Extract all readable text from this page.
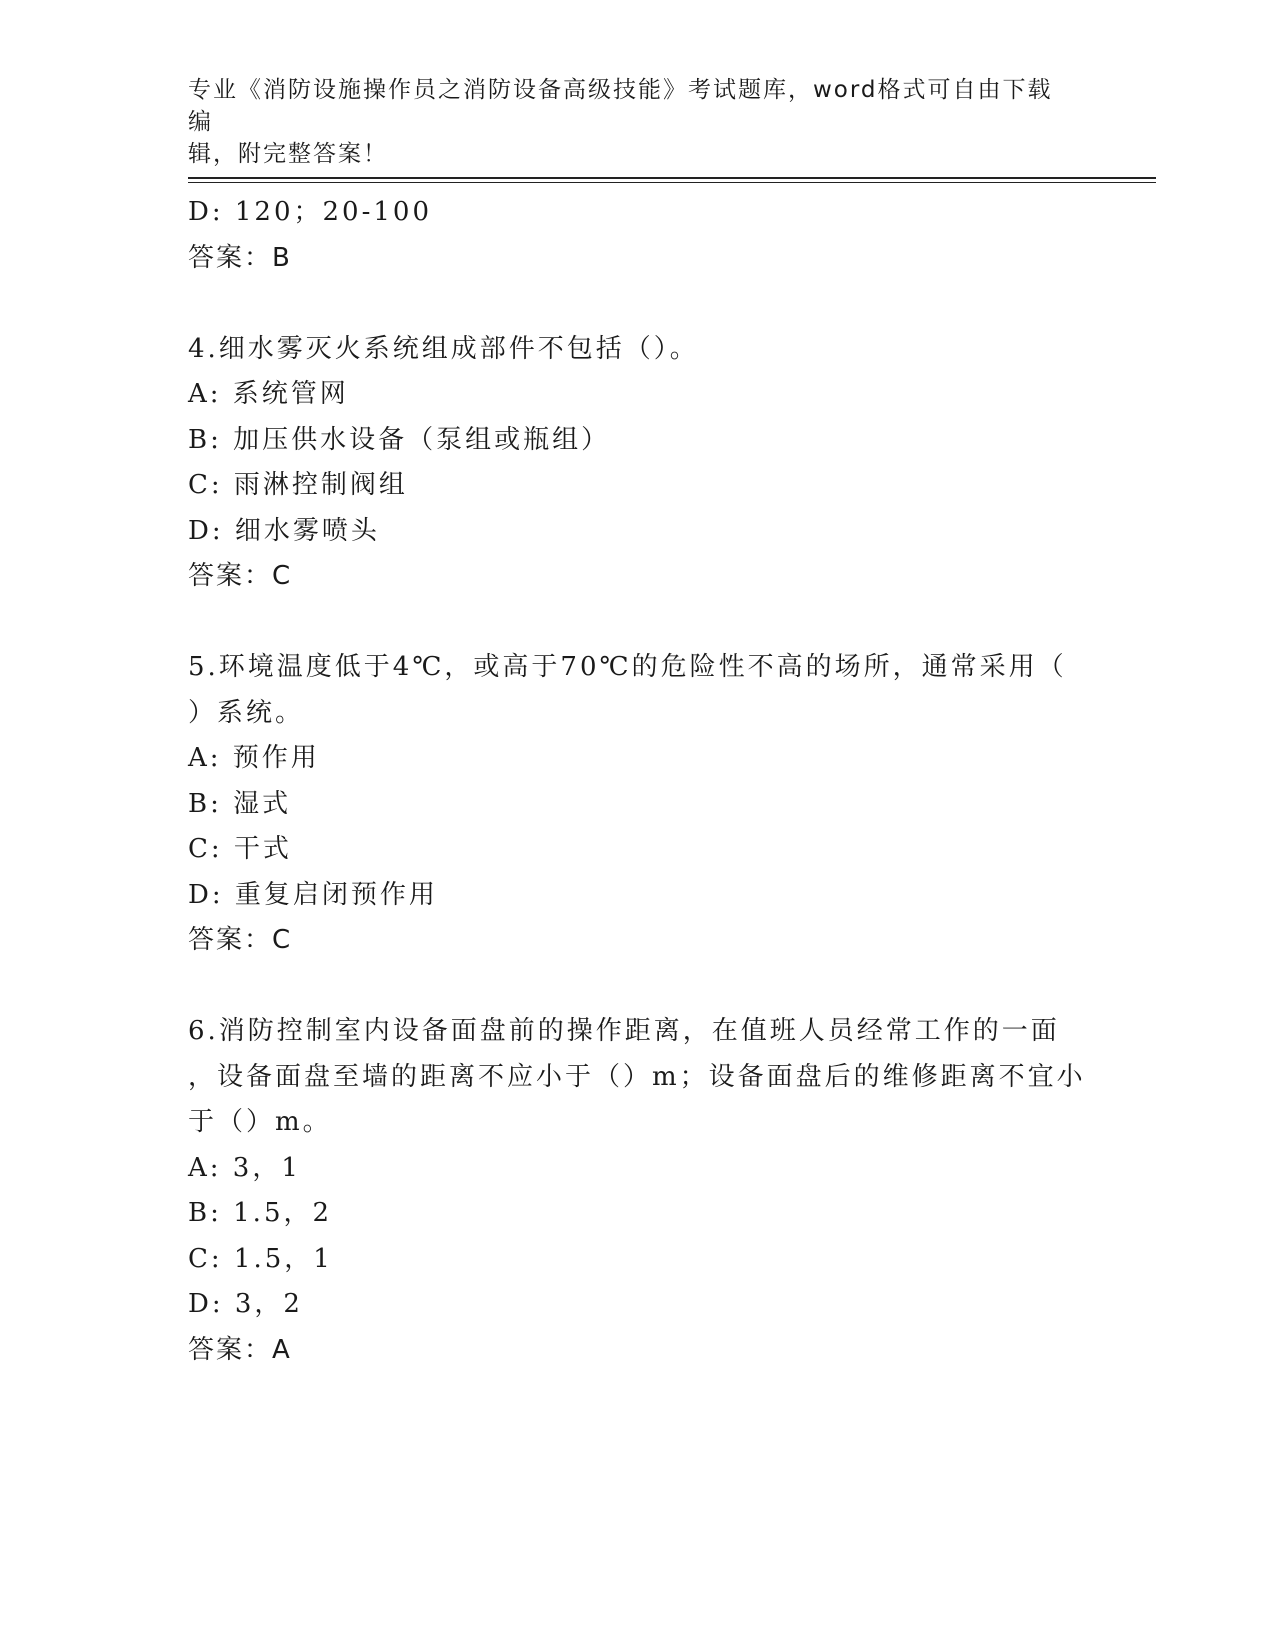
专业《消防设施操作员之消防设备高级技能》考试题库，word格式可自由下载编
辑，附完整答案！
D: 120；20-100
答案：B
4.细水雾灭火系统组成部件不包括（）。
A: 系统管网
B: 加压供水设备（泵组或瓶组）
C: 雨淋控制阀组
D: 细水雾喷头
答案：C
5.环境温度低于4℃，或高于70℃的危险性不高的场所，通常采用（
）系统。
A: 预作用
B: 湿式
C: 干式
D: 重复启闭预作用
答案：C
6.消防控制室内设备面盘前的操作距离，在值班人员经常工作的一面
，设备面盘至墙的距离不应小于（）m；设备面盘后的维修距离不宜小
于（）m。
A: 3，1
B: 1.5，2
C: 1.5，1
D: 3，2
答案：A
